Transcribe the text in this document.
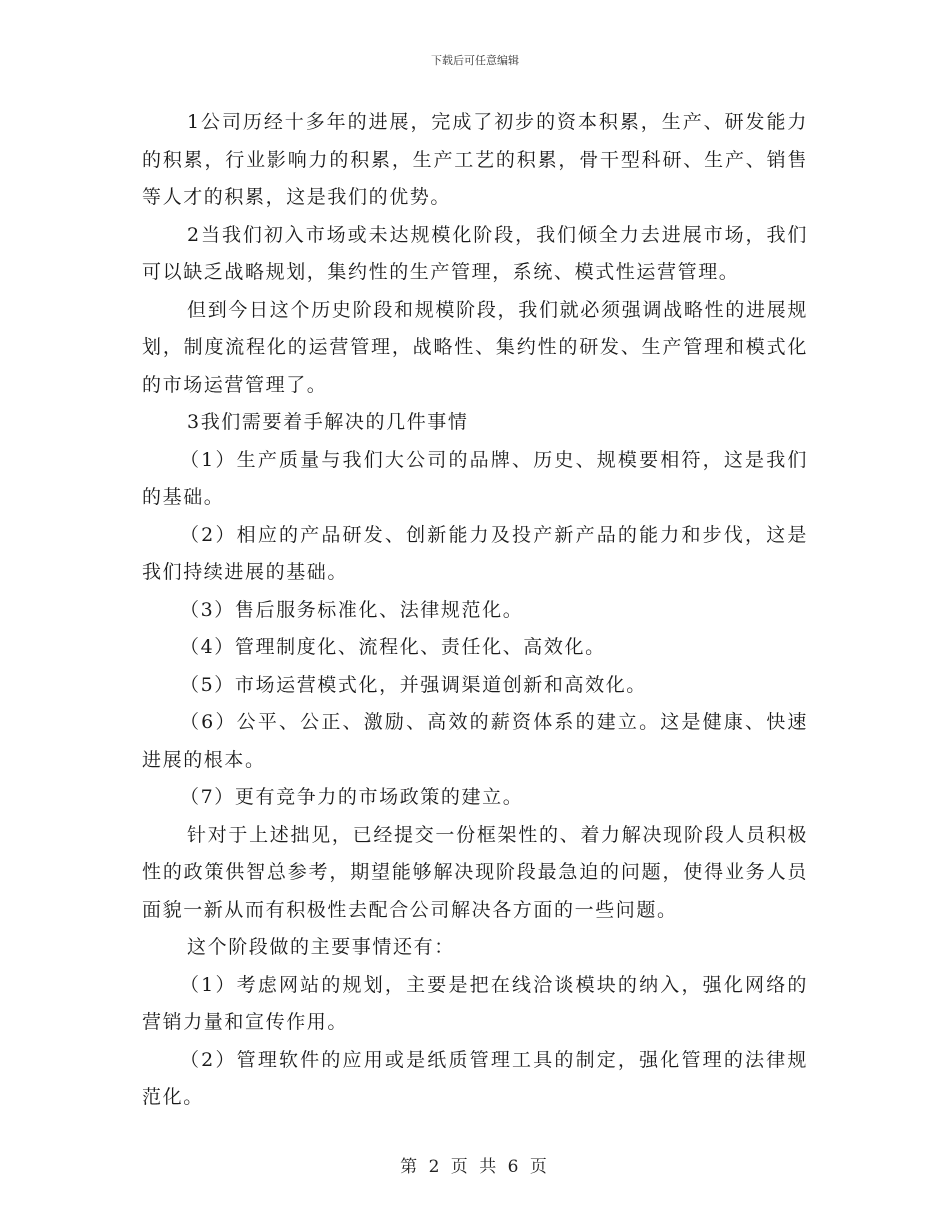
下载后可任意编辑

1公司历经十多年的进展，完成了初步的资本积累，生产、研发能力的积累，行业影响力的积累，生产工艺的积累，骨干型科研、生产、销售等人才的积累，这是我们的优势。

2当我们初入市场或未达规模化阶段，我们倾全力去进展市场，我们可以缺乏战略规划，集约性的生产管理，系统、模式性运营管理。

但到今日这个历史阶段和规模阶段，我们就必须强调战略性的进展规划，制度流程化的运营管理，战略性、集约性的研发、生产管理和模式化的市场运营管理了。

3我们需要着手解决的几件事情

（1）生产质量与我们大公司的品牌、历史、规模要相符，这是我们的基础。

（2）相应的产品研发、创新能力及投产新产品的能力和步伐，这是我们持续进展的基础。

（3）售后服务标准化、法律规范化。

（4）管理制度化、流程化、责任化、高效化。

（5）市场运营模式化，并强调渠道创新和高效化。

（6）公平、公正、激励、高效的薪资体系的建立。这是健康、快速进展的根本。

（7）更有竞争力的市场政策的建立。

针对于上述拙见，已经提交一份框架性的、着力解决现阶段人员积极性的政策供智总参考，期望能够解决现阶段最急迫的问题，使得业务人员面貌一新从而有积极性去配合公司解决各方面的一些问题。

这个阶段做的主要事情还有：

（1）考虑网站的规划，主要是把在线洽谈模块的纳入，强化网络的营销力量和宣传作用。

（2）管理软件的应用或是纸质管理工具的制定，强化管理的法律规范化。

第 2 页 共 6 页
